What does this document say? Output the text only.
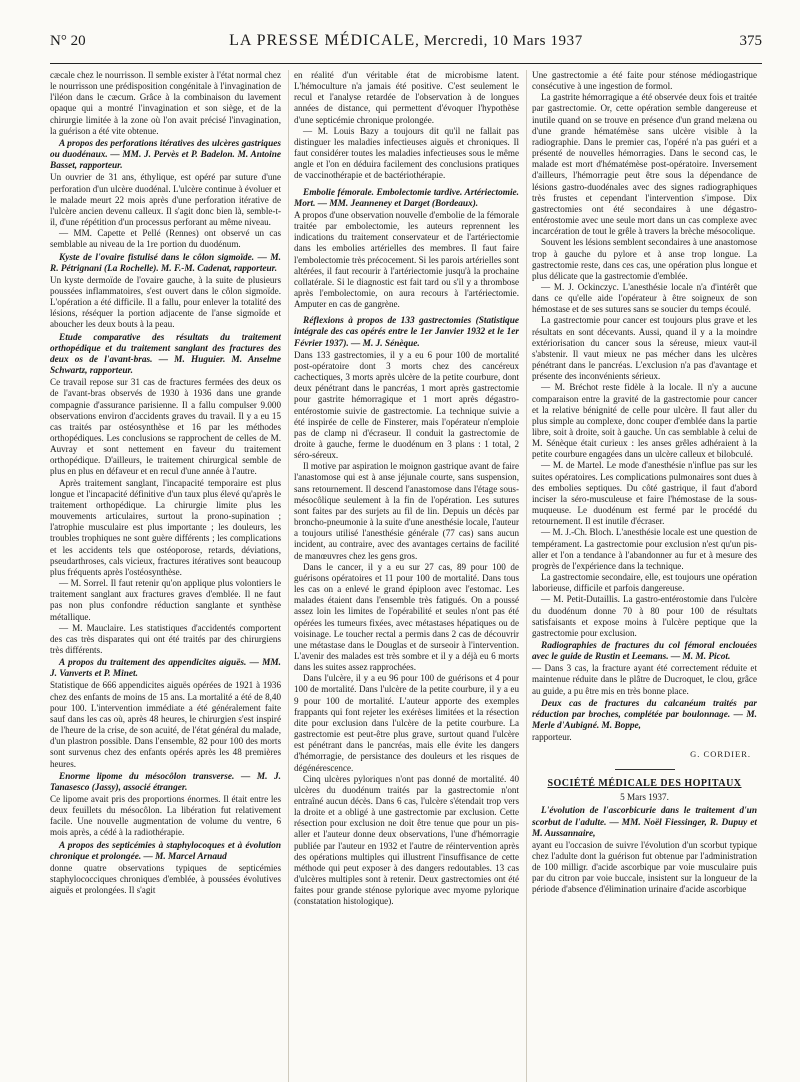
N° 20	LA PRESSE MÉDICALE, Mercredi, 10 Mars 1937	375

cæcale chez le nourrisson. Il semble exister à l'état normal chez le nourrisson une prédisposition congénitale à l'invagination de l'iléon dans le cæcum. Grâce à la combinaison du lavement opaque qui a montré l'invagination et son siège, et de la chirurgie limitée à la zone où l'on avait précisé l'invagination, la guérison a été vite obtenue.

A propos des perforations itératives des ulcères gastriques ou duodénaux. — MM. J. Pervès et P. Badelon. M. Antoine Basset, rapporteur.

Un ouvrier de 31 ans, éthylique, est opéré par suture d'une perforation d'un ulcère duodénal. L'ulcère continue à évoluer et le malade meurt 22 mois après d'une perforation itérative de l'ulcère ancien devenu calleux. Il s'agit donc bien là, semble-t-il, d'une répétition d'un processus perforant au même niveau.

— MM. Capette et Pellé (Rennes) ont observé un cas semblable au niveau de la 1re portion du duodénum.

Kyste de l'ovaire fistulisé dans le côlon sigmoïde. — M. R. Pétrignani (La Rochelle). M. F.-M. Cadenat, rapporteur.

Un kyste dermoïde de l'ovaire gauche, à la suite de plusieurs poussées inflammatoires, s'est ouvert dans le côlon sigmoïde. L'opération a été difficile. Il a fallu, pour enlever la totalité des lésions, réséquer la portion adjacente de l'anse sigmoïde et aboucher les deux bouts à la peau.

Etude comparative des résultats du traitement orthopédique et du traitement sanglant des fractures des deux os de l'avant-bras. — M. Huguier. M. Anselme Schwartz, rapporteur.

Ce travail repose sur 31 cas de fractures fermées des deux os de l'avant-bras observés de 1930 à 1936 dans une grande compagnie d'assurance parisienne. Il a fallu compulser 9.000 observations environ d'accidents graves du travail. Il y a eu 15 cas traités par ostéosynthèse et 16 par les méthodes orthopédiques. Les conclusions se rapprochent de celles de M. Auvray et sont nettement en faveur du traitement orthopédique. D'ailleurs, le traitement chirurgical semble de plus en plus en défaveur et en recul d'une année à l'autre.

Après traitement sanglant, l'incapacité temporaire est plus longue et l'incapacité définitive d'un taux plus élevé qu'après le traitement orthopédique. La chirurgie limite plus les mouvements articulaires, surtout la prono-supination ; l'atrophie musculaire est plus importante ; les douleurs, les troubles trophiques ne sont guère différents ; les complications et les accidents tels que ostéoporose, retards, déviations, pseudarthroses, cals vicieux, fractures itératives sont beaucoup plus fréquents après l'ostéosynthèse.

— M. Sorrel. Il faut retenir qu'on applique plus volontiers le traitement sanglant aux fractures graves d'emblée. Il ne faut pas non plus confondre réduction sanglante et synthèse métallique.

— M. Mauclaire. Les statistiques d'accidentés comportent des cas très disparates qui ont été traités par des chirurgiens très différents.

A propos du traitement des appendicites aiguës. — MM. J. Vanverts et P. Minet.

Statistique de 666 appendicites aiguës opérées de 1921 à 1936 chez des enfants de moins de 15 ans. La mortalité a été de 8,40 pour 100. L'intervention immédiate a été généralement faite sauf dans les cas où, après 48 heures, le chirurgien s'est inspiré de l'heure de la crise, de son acuité, de l'état général du malade, d'un plastron possible. Dans l'ensemble, 82 pour 100 des morts sont survenus chez des enfants opérés après les 48 premières heures.

Enorme lipome du mésocôlon transverse. — M. J. Tanasesco (Jassy), associé étranger.

Ce lipome avait pris des proportions énormes. Il était entre les deux feuillets du mésocôlon. La libération fut relativement facile. Une nouvelle augmentation de volume du ventre, 6 mois après, a cédé à la radiothérapie.

A propos des septicémies à staphylocoques et à évolution chronique et prolongée. — M. Marcel Arnaud

donne quatre observations typiques de septicémies staphylococciques chroniques d'emblée, à poussées évolutives aiguës et prolongées. Il s'agit

en réalité d'un véritable état de microbisme latent. L'hémoculture n'a jamais été positive. C'est seulement le recul et l'analyse retardée de l'observation à de longues années de distance, qui permettent d'évoquer l'hypothèse d'une septicémie chronique prolongée.

— M. Louis Bazy a toujours dit qu'il ne fallait pas distinguer les maladies infectieuses aiguës et chroniques. Il faut considérer toutes les maladies infectieuses sous le même angle et l'on en déduira facilement des conclusions pratiques de vaccinothérapie et de bactériothérapie.

Embolie fémorale. Embolectomie tardive. Artériectomie. Mort. — MM. Jeanneney et Darget (Bordeaux).

A propos d'une observation nouvelle d'embolie de la fémorale traitée par embolectomie, les auteurs reprennent les indications du traitement conservateur et de l'artériectomie dans les embolies artérielles des membres. Il faut faire l'embolectomie très précocement. Si les parois artérielles sont altérées, il faut recourir à l'artériectomie jusqu'à la prochaine collatérale. Si le diagnostic est fait tard ou s'il y a thrombose après l'embolectomie, on aura recours à l'artériectomie. Amputer en cas de gangrène.

Réflexions à propos de 133 gastrectomies (Statistique intégrale des cas opérés entre le 1er Janvier 1932 et le 1er Février 1937). — M. J. Sénèque.

Dans 133 gastrectomies, il y a eu 6 pour 100 de mortalité post-opératoire dont 3 morts chez des cancéreux cachectiques, 3 morts après ulcère de la petite courbure, dont deux pénétrant dans le pancréas, 1 mort après gastrectomie pour gastrite hémorragique et 1 mort après dégastro-entérostomie suivie de gastrectomie. La technique suivie a été inspirée de celle de Finsterer, mais l'opérateur n'emploie pas de clamp ni d'écraseur. Il conduit la gastrectomie de droite à gauche, ferme le duodénum en 3 plans : 1 total, 2 séro-séreux.

Il motive par aspiration le moignon gastrique avant de faire l'anastomose qui est à anse jéjunale courte, sans suspension, sans retournement. Il descend l'anastomose dans l'étage sous-mésocôlique seulement à la fin de l'opération. Les sutures sont faites par des surjets au fil de lin. Depuis un décès par broncho-pneumonie à la suite d'une anesthésie locale, l'auteur a toujours utilisé l'anesthésie générale (77 cas) sans aucun incident, au contraire, avec des avantages certains de facilité de manœuvres chez les gens gros.

Dans le cancer, il y a eu sur 27 cas, 89 pour 100 de guérisons opératoires et 11 pour 100 de mortalité. Dans tous les cas on a enlevé le grand épiploon avec l'estomac. Les malades étaient dans l'ensemble très fatigués. On a poussé assez loin les limites de l'opérabilité et seules n'ont pas été opérées les tumeurs fixées, avec métastases hépatiques ou de voisinage. Le toucher rectal a permis dans 2 cas de découvrir une métastase dans le Douglas et de surseoir à l'intervention. L'avenir des malades est très sombre et il y a déjà eu 6 morts dans les suites assez rapprochées.

Dans l'ulcère, il y a eu 96 pour 100 de guérisons et 4 pour 100 de mortalité. Dans l'ulcère de la petite courbure, il y a eu 9 pour 100 de mortalité. L'auteur apporte des exemples frappants qui font rejeter les exérèses limitées et la résection dite pour exclusion dans l'ulcère de la petite courbure. La gastrectomie est peut-être plus grave, surtout quand l'ulcère est pénétrant dans le pancréas, mais elle évite les dangers d'hémorragie, de persistance des douleurs et les risques de dégénérescence.

Cinq ulcères pyloriques n'ont pas donné de mortalité. 40 ulcères du duodénum traités par la gastrectomie n'ont entraîné aucun décès. Dans 6 cas, l'ulcère s'étendait trop vers la droite et a obligé à une gastrectomie par exclusion. Cette résection pour exclusion ne doit être tenue que pour un pis-aller et l'auteur donne deux observations, l'une d'hémorragie publiée par l'auteur en 1932 et l'autre de réintervention après des opérations multiples qui illustrent l'insuffisance de cette méthode qui peut exposer à des dangers redoutables. 13 cas d'ulcères multiples sont à retenir. Deux gastrectomies ont été faites pour grande sténose pylorique avec myome pylorique (constatation histologique).

Une gastrectomie a été faite pour sténose médiogastrique consécutive à une ingestion de formol.

La gastrite hémorragique a été observée deux fois et traitée par gastrectomie. Or, cette opération semble dangereuse et inutile quand on se trouve en présence d'un grand melæna ou d'une grande hématémèse sans ulcère visible à la radiographie. Dans le premier cas, l'opéré n'a pas guéri et a présenté de nouvelles hémorragies. Dans le second cas, le malade est mort d'hématémèse post-opératoire. Inversement d'ailleurs, l'hémorragie peut être sous la dépendance de lésions gastro-duodénales avec des signes radiographiques très frustes et cependant l'intervention s'impose. Dix gastrectomies ont été secondaires à une dégastro-entérostomie avec une seule mort dans un cas complexe avec incarcération de tout le grêle à travers la brèche mésocolique.

Souvent les lésions semblent secondaires à une anastomose trop à gauche du pylore et à anse trop longue. La gastrectomie reste, dans ces cas, une opération plus longue et plus délicate que la gastrectomie d'emblée.

— M. J. Ockinczyc. L'anesthésie locale n'a d'intérêt que dans ce qu'elle aide l'opérateur à être soigneux de son hémostase et de ses sutures sans se soucier du temps écoulé.

La gastrectomie pour cancer est toujours plus grave et les résultats en sont décevants. Aussi, quand il y a la moindre extériorisation du cancer sous la séreuse, mieux vaut-il s'abstenir. Il vaut mieux ne pas mécher dans les ulcères pénétrant dans le pancréas. L'exclusion n'a pas d'avantage et présente des inconvénients sérieux.

— M. Bréchot reste fidèle à la locale. Il n'y a aucune comparaison entre la gravité de la gastrectomie pour cancer et la relative bénignité de celle pour ulcère. Il faut aller du plus simple au complexe, donc couper d'emblée dans la partie libre, soit à droite, soit à gauche. Un cas semblable à celui de M. Sénèque était curieux : les anses grêles adhéraient à la petite courbure engagées dans un ulcère calleux et bilobculé.

— M. de Martel. Le mode d'anesthésie n'influe pas sur les suites opératoires. Les complications pulmonaires sont dues à des embolies septiques. Du côté gastrique, il faut d'abord inciser la séro-musculeuse et faire l'hémostase de la sous-muqueuse. Le duodénum est fermé par le procédé du retournement. Il est inutile d'écraser.

— M. J.-Ch. Bloch. L'anesthésie locale est une question de tempérament. La gastrectomie pour exclusion n'est qu'un pis-aller et l'on a tendance à l'abandonner au fur et à mesure des progrès de l'expérience dans la technique.

La gastrectomie secondaire, elle, est toujours une opération laborieuse, difficile et parfois dangereuse.

— M. Petit-Dutaillis. La gastro-entérostomie dans l'ulcère du duodénum donne 70 à 80 pour 100 de résultats satisfaisants et expose moins à l'ulcère peptique que la gastrectomie pour exclusion.

Radiographies de fractures du col fémoral enclouées avec le guide de Rustin et Leemans. — M. M. Picot.

— Dans 3 cas, la fracture ayant été correctement réduite et maintenue réduite dans le plâtre de Ducroquet, le clou, grâce au guide, a pu être mis en très bonne place.

Deux cas de fractures du calcanéum traités par réduction par broches, complétée par boulonnage. — M. Merle d'Aubigné. M. Boppe,

rapporteur.

G. CORDIER.
SOCIÉTÉ MÉDICALE DES HOPITAUX
5 Mars 1937.
L'évolution de l'ascorbicurie dans le traitement d'un scorbut de l'adulte. — MM. Noël Fiessinger, R. Dupuy et M. Aussannaire,

ayant eu l'occasion de suivre l'évolution d'un scorbut typique chez l'adulte dont la guérison fut obtenue par l'administration de 100 milligr. d'acide ascorbique par voie musculaire puis par du citron par voie buccale, insistent sur la longueur de la période d'absence d'élimination urinaire d'acide ascorbique
